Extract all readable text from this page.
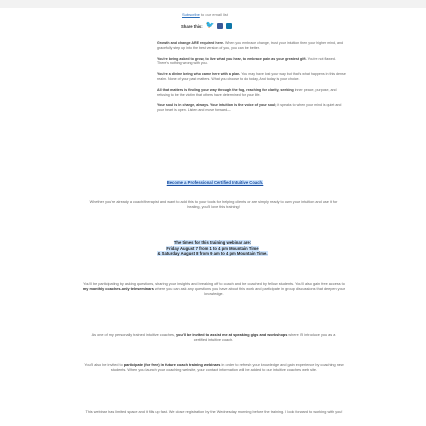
Subscribe to our email list
Share this: 🐦

Growth and change ARE required here. When you embrace change, trust your intuition then your higher mind, and gracefully step up into the best version of you, you can be better.

You're being asked to grow, to live what you hear, to embrace pain as your greatest gift. You're not flawed. There's nothing wrong with you.

You're a divine being who came here with a plan. You may have lost your way but that's what happens in this dense realm. None of your past matters. What you choose to do today, And today is your choice.

All that matters is finding your way through the fog, reaching for clarity, seeking inner peace, purpose, and refusing to be the victim that others have determined for your life.

Your soul is in charge, always. Your intuition is the voice of your soul; it speaks to when your mind is quiet and your heart is open. Listen and move forward—

Become a Professional Certified Intuitive Coach.

Whether you're already a coach/therapist and want to add this to your tools for helping clients or are simply ready to own your intuition and use it for healing, you'll love this training!

The times for this training webinar are:
Friday August 7 from 1 to 4 pm Mountain Time
& Saturday August 8 from 9 am to 4 pm Mountain Time.

You'll be participating by asking questions, sharing your insights and breaking off to coach and be coached by fellow students. You'll also gain free access to my monthly coaches-only teleseminars where you can ask any questions you have about this work and participate in group discussions that deepen your knowledge.

As one of my personally trained intuitive coaches, you'll be invited to assist me at speaking gigs and workshops where I'll introduce you as a certified intuitive coach.

You'll also be invited to participate (for free) in future coach training webinars in order to refresh your knowledge and gain experience by coaching new students. When you launch your coaching website, your contact information will be added to our intuitive coaches web site.

This webinar has limited space and it fills up fast. We close registration by the Wednesday morning before the training. I look forward to working with you!
